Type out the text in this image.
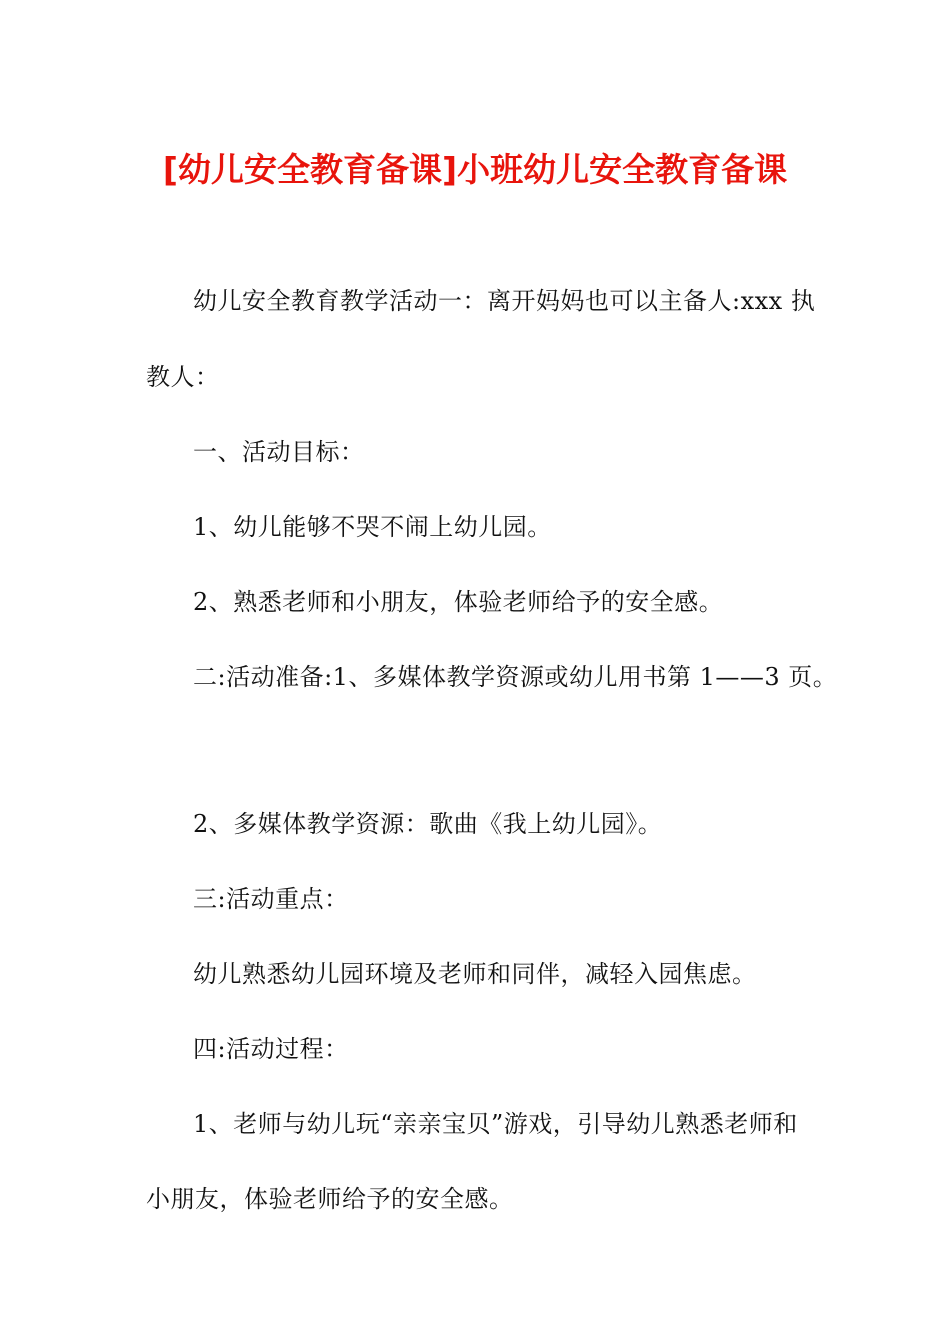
[幼儿安全教育备课]小班幼儿安全教育备课
幼儿安全教育教学活动一：离开妈妈也可以主备人:xxx 执
教人：
一、活动目标：
1、幼儿能够不哭不闹上幼儿园。
2、熟悉老师和小朋友，体验老师给予的安全感。
二:活动准备:1、多媒体教学资源或幼儿用书第 1——3 页。
2、多媒体教学资源：歌曲《我上幼儿园》。
三:活动重点：
幼儿熟悉幼儿园环境及老师和同伴，减轻入园焦虑。
四:活动过程：
1、老师与幼儿玩“亲亲宝贝”游戏，引导幼儿熟悉老师和
小朋友，体验老师给予的安全感。
